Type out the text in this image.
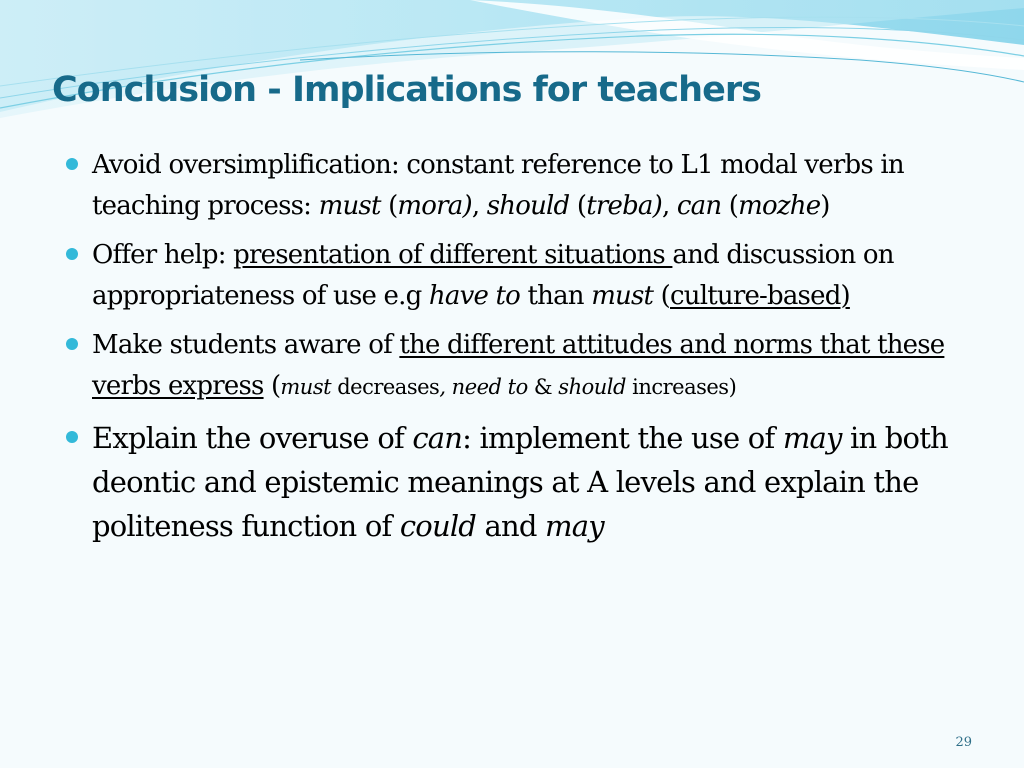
Conclusion - Implications for teachers
Avoid oversimplification: constant reference to L1 modal verbs in teaching process: must (mora), should (treba), can (mozhe)
Offer help: presentation of different situations and discussion on appropriateness of use e.g have to than must (culture-based)
Make students aware of the different attitudes and norms that these verbs express (must decreases, need to & should increases)
Explain the overuse of can: implement the use of may in both deontic and epistemic meanings at A levels and explain the politeness function of could and may
29
